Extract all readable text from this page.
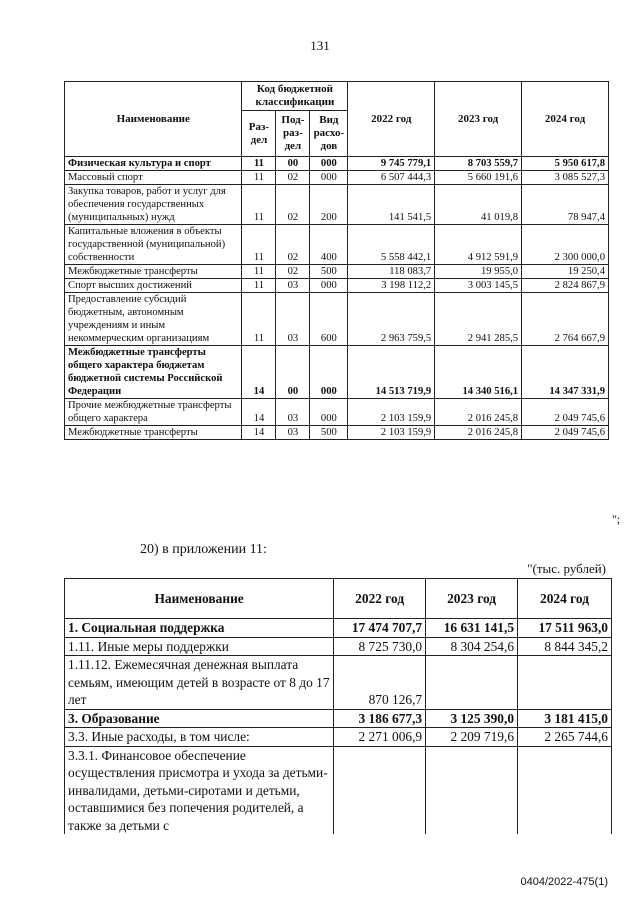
131
Наименование	Код бюджетной классификации			2022 год	2023 год	2024 год
	Раз-дел	Под-раз-дел	Вид расхо-дов			
Физическая культура и спорт	11	00	000	9 745 779,1	8 703 559,7	5 950 617,8
Массовый спорт	11	02	000	6 507 444,3	5 660 191,6	3 085 527,3
Закупка товаров, работ и услуг для обеспечения государственных (муниципальных) нужд	11	02	200	141 541,5	41 019,8	78 947,4
Капитальные вложения в объекты государственной (муниципальной) собственности	11	02	400	5 558 442,1	4 912 591,9	2 300 000,0
Межбюджетные трансферты	11	02	500	118 083,7	19 955,0	19 250,4
Спорт высших достижений	11	03	000	3 198 112,2	3 003 145,5	2 824 867,9
Предоставление субсидий бюджетным, автономным учреждениям и иным некоммерческим организациям	11	03	600	2 963 759,5	2 941 285,5	2 764 667,9
Межбюджетные трансферты общего характера бюджетам бюджетной системы Российской Федерации	14	00	000	14 513 719,9	14 340 516,1	14 347 331,9
Прочие межбюджетные трансферты общего характера	14	03	000	2 103 159,9	2 016 245,8	2 049 745,6
Межбюджетные трансферты	14	03	500	2 103 159,9	2 016 245,8	2 049 745,6
";
20) в приложении 11:
"(тыс. рублей)
Наименование	2022 год	2023 год	2024 год
1. Социальная поддержка	17 474 707,7	16 631 141,5	17 511 963,0
1.11. Иные меры поддержки	8 725 730,0	8 304 254,6	8 844 345,2
1.11.12. Ежемесячная денежная выплата семьям, имеющим детей в возрасте от 8 до 17 лет	870 126,7		
3. Образование	3 186 677,3	3 125 390,0	3 181 415,0
3.3. Иные расходы, в том числе:	2 271 006,9	2 209 719,6	2 265 744,6
3.3.1. Финансовое обеспечение осуществления присмотра и ухода за детьми-инвалидами, детьми-сиротами и детьми, оставшимися без попечения родителей, а также за детьми с			
0404/2022-475(1)
